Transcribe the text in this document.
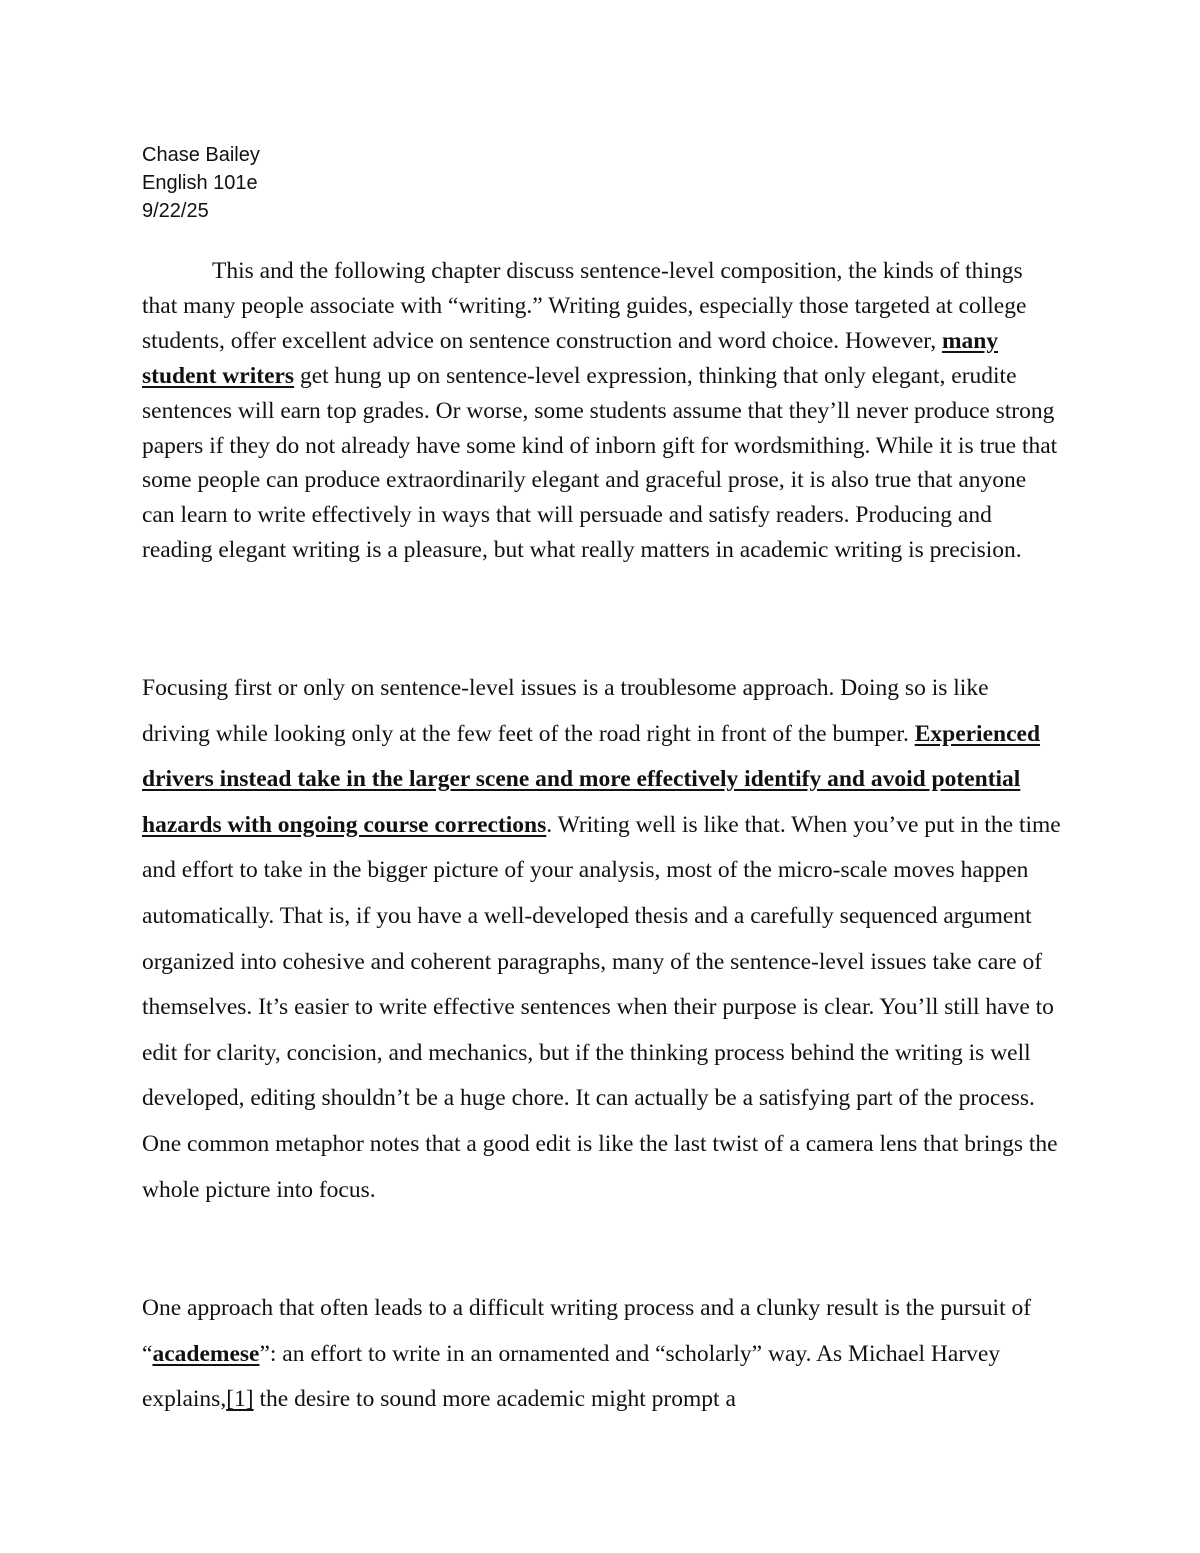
Chase Bailey
English 101e
9/22/25

This and the following chapter discuss sentence-level composition, the kinds of things that many people associate with “writing.” Writing guides, especially those targeted at college students, offer excellent advice on sentence construction and word choice. However, many student writers get hung up on sentence-level expression, thinking that only elegant, erudite sentences will earn top grades. Or worse, some students assume that they’ll never produce strong papers if they do not already have some kind of inborn gift for wordsmithing. While it is true that some people can produce extraordinarily elegant and graceful prose, it is also true that anyone can learn to write effectively in ways that will persuade and satisfy readers. Producing and reading elegant writing is a pleasure, but what really matters in academic writing is precision.

Focusing first or only on sentence-level issues is a troublesome approach. Doing so is like driving while looking only at the few feet of the road right in front of the bumper. Experienced drivers instead take in the larger scene and more effectively identify and avoid potential hazards with ongoing course corrections. Writing well is like that. When you’ve put in the time and effort to take in the bigger picture of your analysis, most of the micro-scale moves happen automatically. That is, if you have a well-developed thesis and a carefully sequenced argument organized into cohesive and coherent paragraphs, many of the sentence-level issues take care of themselves. It’s easier to write effective sentences when their purpose is clear. You’ll still have to edit for clarity, concision, and mechanics, but if the thinking process behind the writing is well developed, editing shouldn’t be a huge chore. It can actually be a satisfying part of the process. One common metaphor notes that a good edit is like the last twist of a camera lens that brings the whole picture into focus.

One approach that often leads to a difficult writing process and a clunky result is the pursuit of “academese”: an effort to write in an ornamented and “scholarly” way. As Michael Harvey explains,[1] the desire to sound more academic might prompt a
